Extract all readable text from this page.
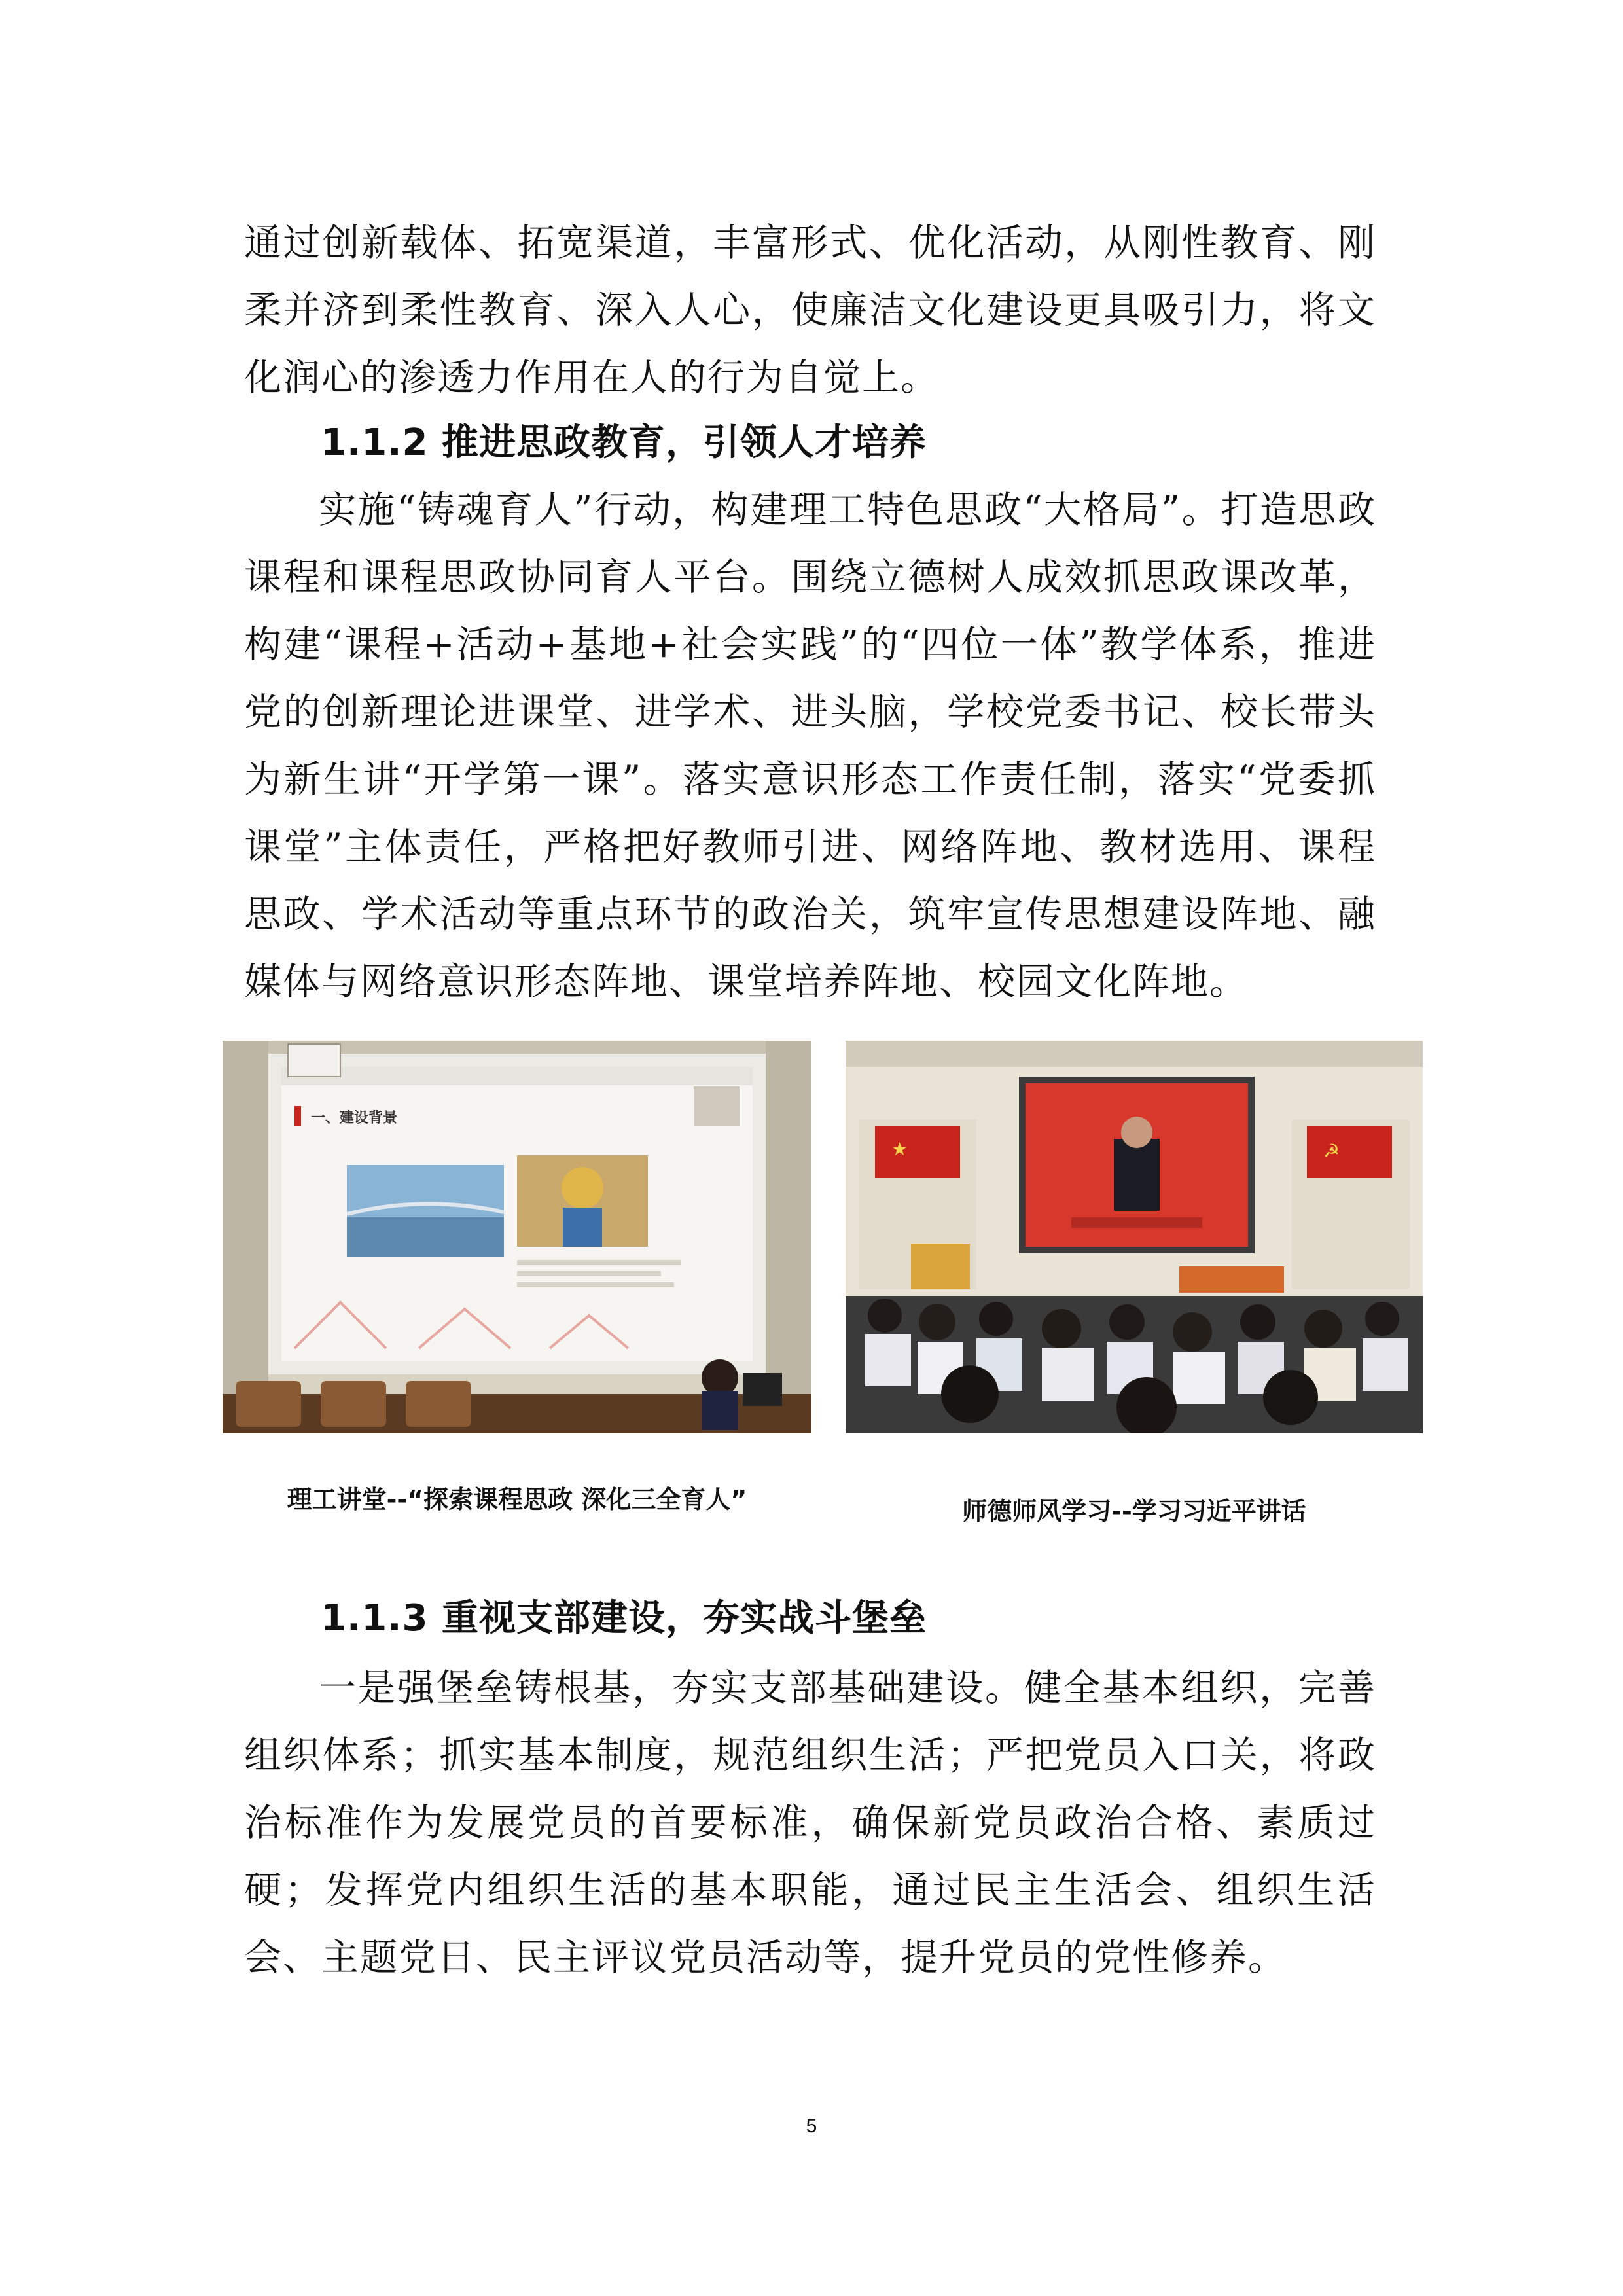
通过创新载体、拓宽渠道，丰富形式、优化活动，从刚性教育、刚柔并济到柔性教育、深入人心，使廉洁文化建设更具吸引力，将文化润心的渗透力作用在人的行为自觉上。

1.1.2 推进思政教育，引领人才培养

实施“铸魂育人”行动，构建理工特色思政“大格局”。打造思政课程和课程思政协同育人平台。围绕立德树人成效抓思政课改革，构建“课程+活动+基地+社会实践”的“四位一体”教学体系，推进党的创新理论进课堂、进学术、进头脑，学校党委书记、校长带头为新生讲“开学第一课”。落实意识形态工作责任制，落实“党委抓课堂”主体责任，严格把好教师引进、网络阵地、教材选用、课程思政、学术活动等重点环节的政治关，筑牢宣传思想建设阵地、融媒体与网络意识形态阵地、课堂培养阵地、校园文化阵地。

一、建设背景
★	☭

理工讲堂--“探索课程思政 深化三全育人”	师德师风学习--学习习近平讲话

1.1.3 重视支部建设，夯实战斗堡垒

一是强堡垒铸根基，夯实支部基础建设。健全基本组织，完善组织体系；抓实基本制度，规范组织生活；严把党员入口关，将政治标准作为发展党员的首要标准，确保新党员政治合格、素质过硬；发挥党内组织生活的基本职能，通过民主生活会、组织生活会、主题党日、民主评议党员活动等，提升党员的党性修养。

5
